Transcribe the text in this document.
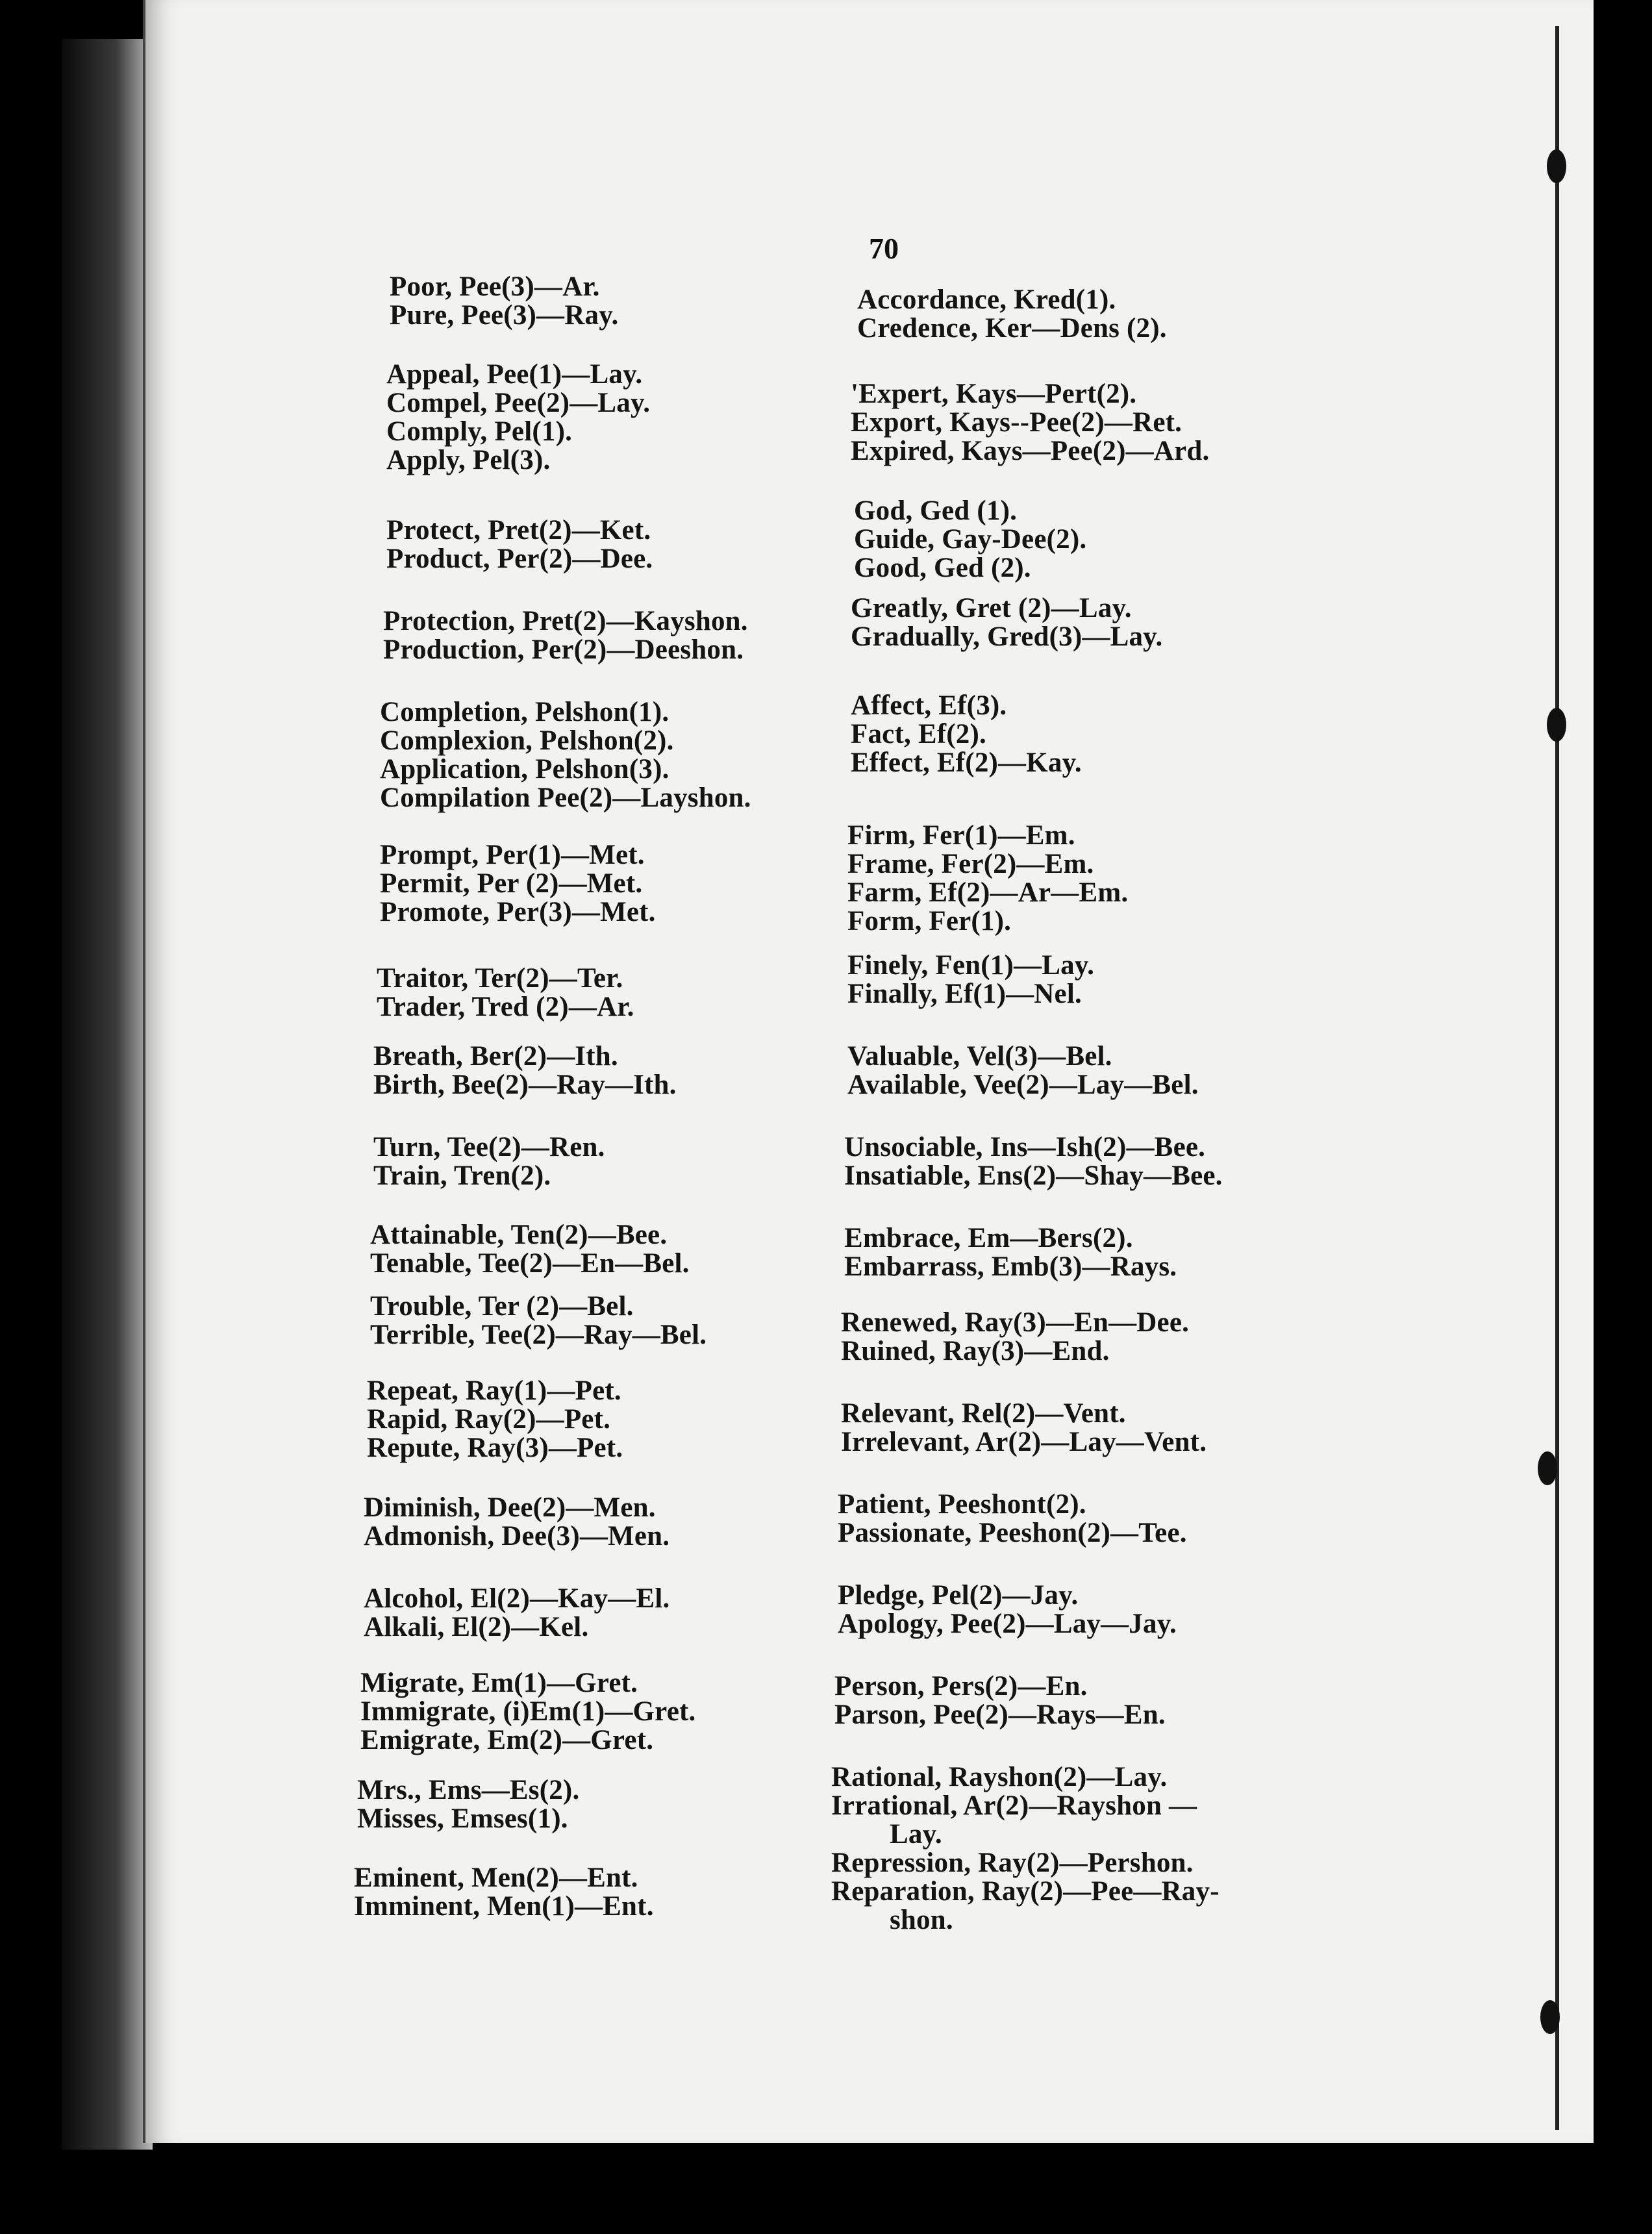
70
Poor, Pee(3)—Ar.
Pure, Pee(3)—Ray.
Appeal, Pee(1)—Lay.
Compel, Pee(2)—Lay.
Comply, Pel(1).
Apply, Pel(3).
Protect, Pret(2)—Ket.
Product, Per(2)—Dee.
Protection, Pret(2)—Kayshon.
Production, Per(2)—Deeshon.
Completion, Pelshon(1).
Complexion, Pelshon(2).
Application, Pelshon(3).
Compilation Pee(2)—Layshon.
Prompt, Per(1)—Met.
Permit, Per (2)—Met.
Promote, Per(3)—Met.
Traitor, Ter(2)—Ter.
Trader, Tred (2)—Ar.
Breath, Ber(2)—Ith.
Birth, Bee(2)—Ray—Ith.
Turn, Tee(2)—Ren.
Train, Tren(2).
Attainable, Ten(2)—Bee.
Tenable, Tee(2)—En—Bel.
Trouble, Ter (2)—Bel.
Terrible, Tee(2)—Ray—Bel.
Repeat, Ray(1)—Pet.
Rapid, Ray(2)—Pet.
Repute, Ray(3)—Pet.
Diminish, Dee(2)—Men.
Admonish, Dee(3)—Men.
Alcohol, El(2)—Kay—El.
Alkali, El(2)—Kel.
Migrate, Em(1)—Gret.
Immigrate, (i)Em(1)—Gret.
Emigrate, Em(2)—Gret.
Mrs., Ems—Es(2).
Misses, Emses(1).
Eminent, Men(2)—Ent.
Imminent, Men(1)—Ent.
Accordance, Kred(1).
Credence, Ker—Dens (2).
'Expert, Kays—Pert(2).
Export, Kays--Pee(2)—Ret.
Expired, Kays—Pee(2)—Ard.
God, Ged (1).
Guide, Gay-Dee(2).
Good, Ged (2).
Greatly, Gret (2)—Lay.
Gradually, Gred(3)—Lay.
Affect, Ef(3).
Fact, Ef(2).
Effect, Ef(2)—Kay.
Firm, Fer(1)—Em.
Frame, Fer(2)—Em.
Farm, Ef(2)—Ar—Em.
Form, Fer(1).
Finely, Fen(1)—Lay.
Finally, Ef(1)—Nel.
Valuable, Vel(3)—Bel.
Available, Vee(2)—Lay—Bel.
Unsociable, Ins—Ish(2)—Bee.
Insatiable, Ens(2)—Shay—Bee.
Embrace, Em—Bers(2).
Embarrass, Emb(3)—Rays.
Renewed, Ray(3)—En—Dee.
Ruined, Ray(3)—End.
Relevant, Rel(2)—Vent.
Irrelevant, Ar(2)—Lay—Vent.
Patient, Peeshont(2).
Passionate, Peeshon(2)—Tee.
Pledge, Pel(2)—Jay.
Apology, Pee(2)—Lay—Jay.
Person, Pers(2)—En.
Parson, Pee(2)—Rays—En.
Rational, Rayshon(2)—Lay.
Irrational, Ar(2)—Rayshon —
Lay.
Repression, Ray(2)—Pershon.
Reparation, Ray(2)—Pee—Ray-
shon.
